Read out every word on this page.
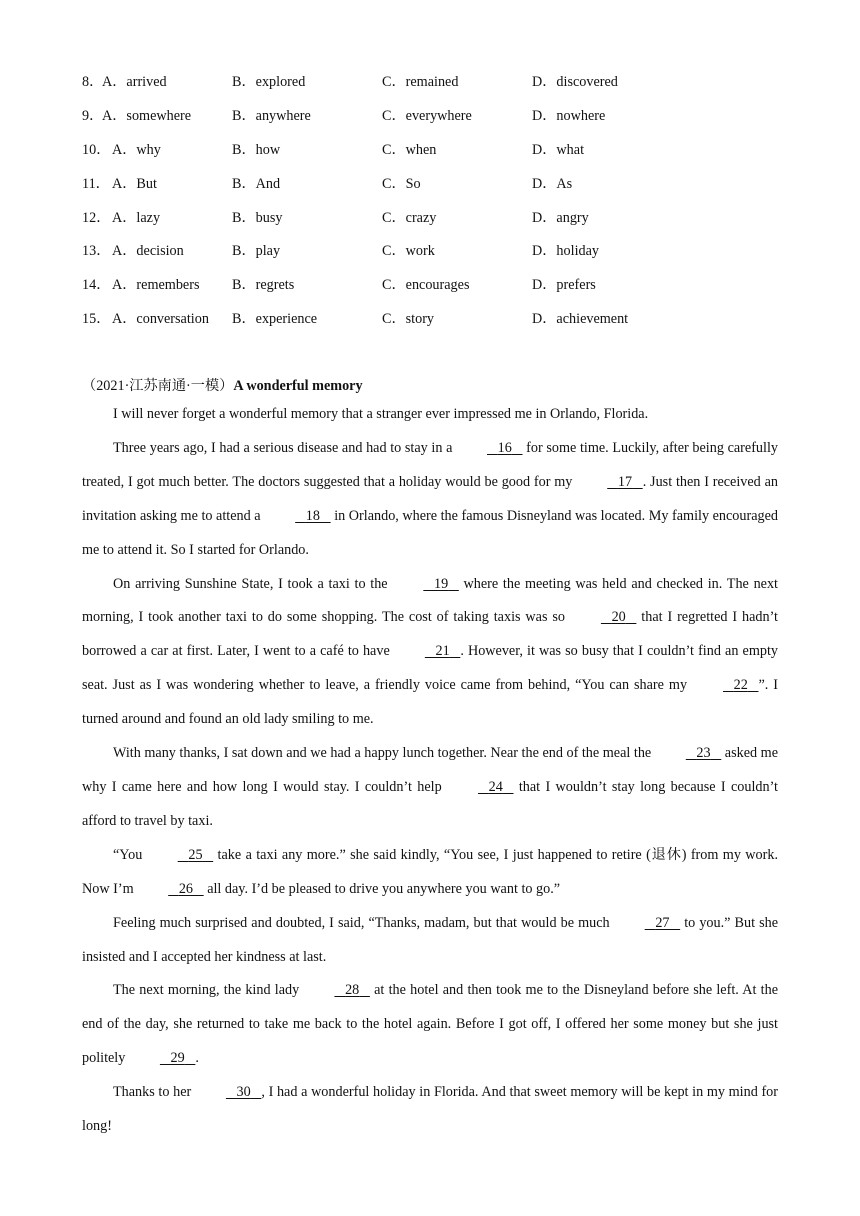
8．
A．arrived	B．explored	C．remained	D．discovered
9．
A．somewhere	B．anywhere	C．everywhere	D．nowhere
10． A．why	B．how	C．when	D．what
11． A．But	B．And	C．So	D．As
12． A．lazy	B．busy	C．crazy	D．angry
13． A．decision	B．play	C．work	D．holiday
14． A．remembers B．regrets	C．encourages	D．prefers
15． A．conversation B．experience	C．story	D．achievement
（2021·江苏南通·一模）A wonderful memory

I will never forget a wonderful memory that a stranger ever impressed me in Orlando, Florida.

Three years ago, I had a serious disease and had to stay in a	16    for some time. Luckily, after being carefully treated, I got much better. The doctors suggested that a holiday would be good for my	17 . Just then I received an invitation asking me to attend a	18    in Orlando, where the famous Disneyland was located. My family encouraged me to attend it. So I started for Orlando.

On arriving Sunshine State, I took a taxi to the	19    where the meeting was held and checked in. The next morning, I took another taxi to do some shopping. The cost of taking taxis was so	20    that I regretted I hadn’t borrowed a car at first. Later, I went to a café to have	21 . However, it was so busy that I couldn’t find an empty seat. Just as I was wondering whether to leave, a friendly voice came from behind, “You can share my	22 ”. I turned around and found an old lady smiling to me.

With many thanks, I sat down and we had a happy lunch together. Near the end of the meal the	23    asked me why I came here and how long I would stay. I couldn’t help	24    that I wouldn’t stay long because I couldn’t afford to travel by taxi.

“You	25    take a taxi any more.” she said kindly, “You see, I just happened to retire (退休) from my work. Now I’m	26    all day. I’d be pleased to drive you anywhere you want to go.”

Feeling much surprised and doubted, I said, “Thanks, madam, but that would be much	27    to you.” But she insisted and I accepted her kindness at last.

The next morning, the kind lady	28    at the hotel and then took me to the Disneyland before she left. At the end of the day, she returned to take me back to the hotel again. Before I got off, I offered her some money but she just politely	29 .

Thanks to her	30 , I had a wonderful holiday in Florida. And that sweet memory will be kept in my mind for long!
